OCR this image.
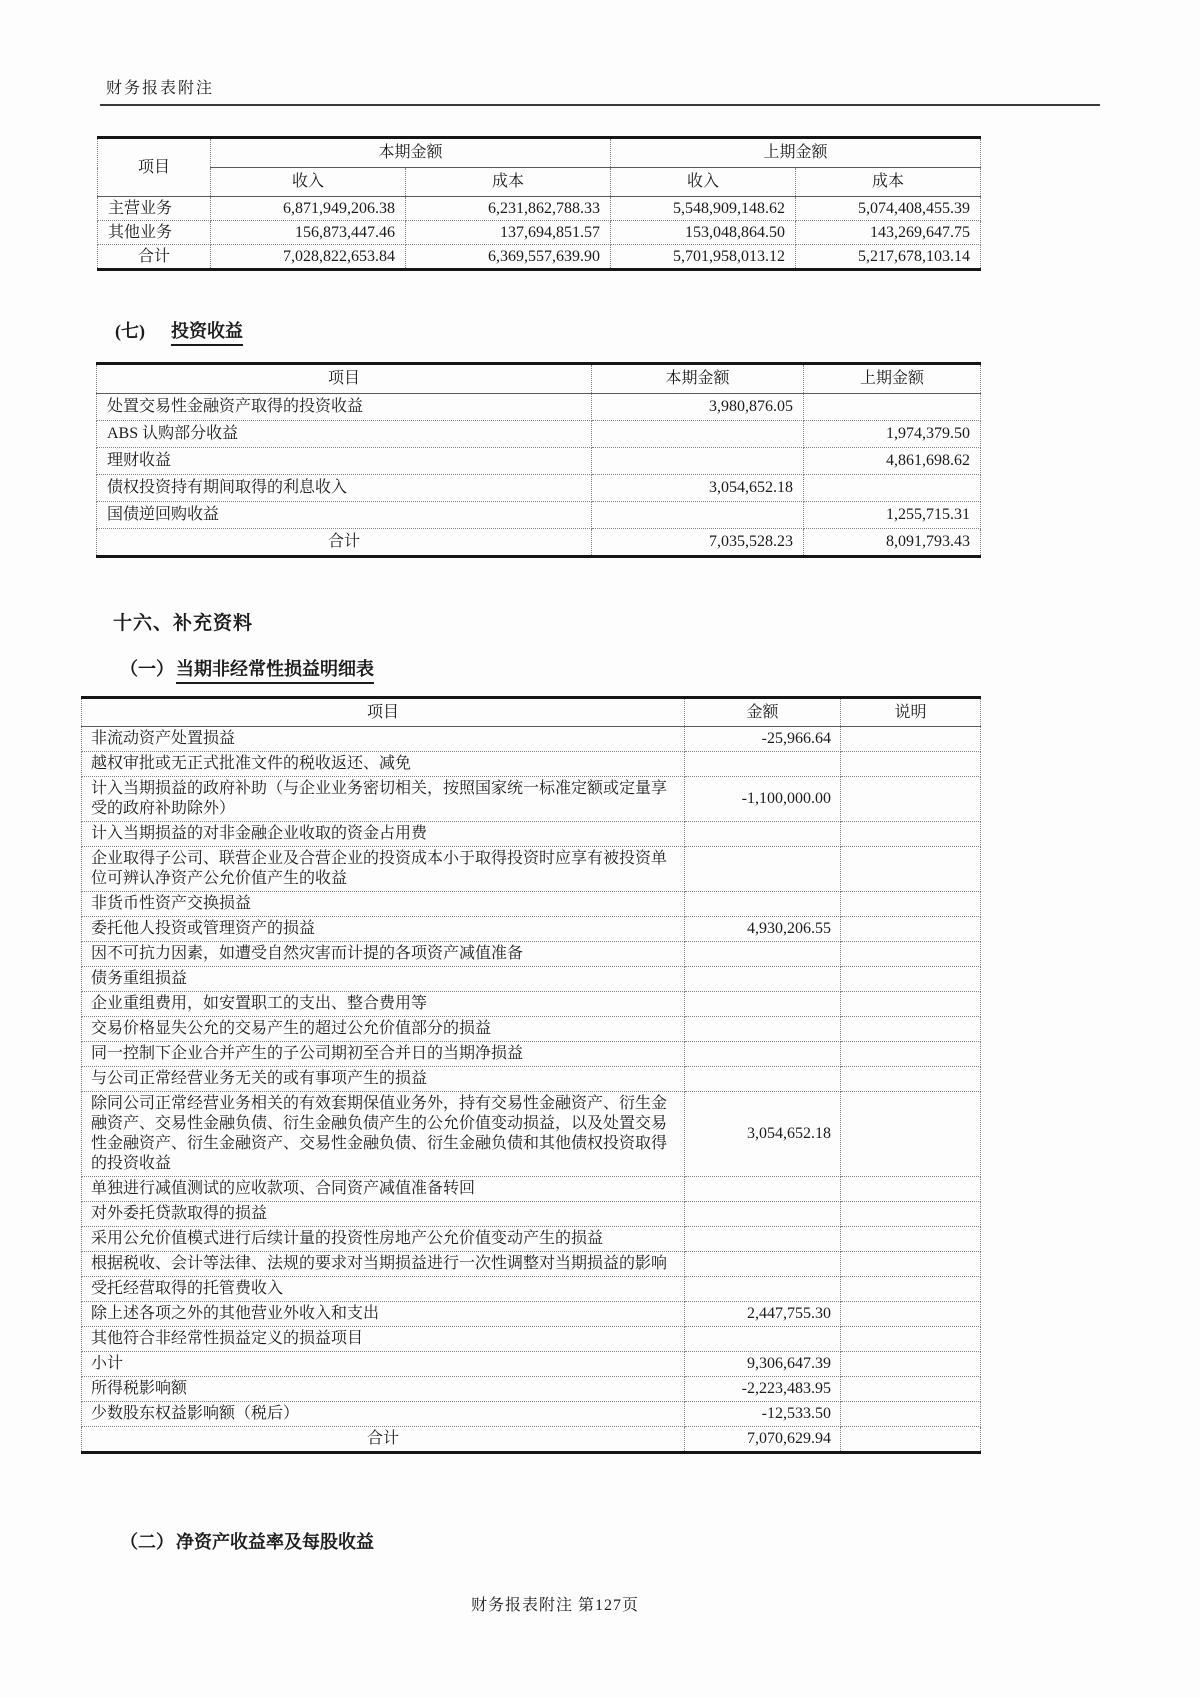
财务报表附注
项目	本期金额		上期金额	
	收入	成本	收入	成本
主营业务	6,871,949,206.38	6,231,862,788.33	5,548,909,148.62	5,074,408,455.39
其他业务	156,873,447.46	137,694,851.57	153,048,864.50	143,269,647.75
合计	7,028,822,653.84	6,369,557,639.90	5,701,958,013.12	5,217,678,103.14
(七) 投资收益
项目	本期金额	上期金额
处置交易性金融资产取得的投资收益	3,980,876.05	
ABS 认购部分收益		1,974,379.50
理财收益		4,861,698.62
债权投资持有期间取得的利息收入	3,054,652.18	
国债逆回购收益		1,255,715.31
合计	7,035,528.23	8,091,793.43
十六、补充资料
（一） 当期非经常性损益明细表
项目	金额	说明
非流动资产处置损益	-25,966.64	
越权审批或无正式批准文件的税收返还、减免		
计入当期损益的政府补助（与企业业务密切相关，按照国家统一标准定额或定量享受的政府补助除外）	-1,100,000.00	
计入当期损益的对非金融企业收取的资金占用费		
企业取得子公司、联营企业及合营企业的投资成本小于取得投资时应享有被投资单位可辨认净资产公允价值产生的收益		
非货币性资产交换损益		
委托他人投资或管理资产的损益	4,930,206.55	
因不可抗力因素，如遭受自然灾害而计提的各项资产减值准备		
债务重组损益		
企业重组费用，如安置职工的支出、整合费用等		
交易价格显失公允的交易产生的超过公允价值部分的损益		
同一控制下企业合并产生的子公司期初至合并日的当期净损益		
与公司正常经营业务无关的或有事项产生的损益		
除同公司正常经营业务相关的有效套期保值业务外，持有交易性金融资产、衍生金融资产、交易性金融负债、衍生金融负债产生的公允价值变动损益，以及处置交易性金融资产、衍生金融资产、交易性金融负债、衍生金融负债和其他债权投资取得的投资收益	3,054,652.18	
单独进行减值测试的应收款项、合同资产减值准备转回		
对外委托贷款取得的损益		
采用公允价值模式进行后续计量的投资性房地产公允价值变动产生的损益		
根据税收、会计等法律、法规的要求对当期损益进行一次性调整对当期损益的影响		
受托经营取得的托管费收入		
除上述各项之外的其他营业外收入和支出	2,447,755.30	
其他符合非经常性损益定义的损益项目		
小计	9,306,647.39	
所得税影响额	-2,223,483.95	
少数股东权益影响额（税后）	-12,533.50	
合计	7,070,629.94	
（二） 净资产收益率及每股收益
财务报表附注 第127页
